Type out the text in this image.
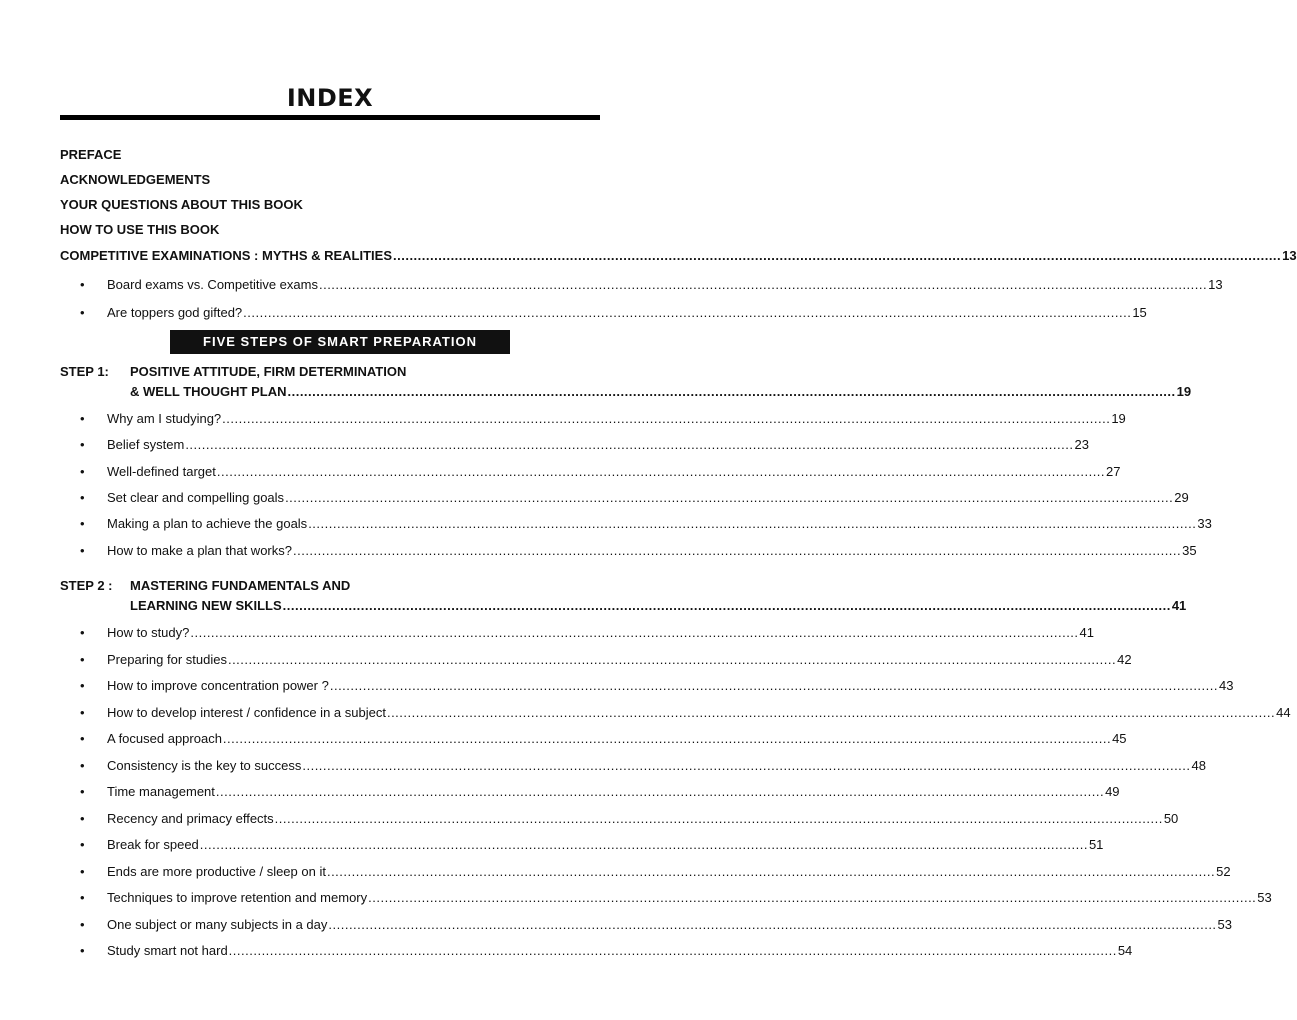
INDEX
PREFACE
ACKNOWLEDGEMENTS
YOUR QUESTIONS ABOUT THIS BOOK
HOW TO USE THIS BOOK
COMPETITIVE EXAMINATIONS : MYTHS & REALITIES .....	13
•	Board exams vs. Competitive exams .....	13
•	Are toppers god gifted? .....	15
FIVE STEPS OF SMART PREPARATION
STEP 1: POSITIVE ATTITUDE, FIRM DETERMINATION
& WELL THOUGHT PLAN .....	19
•	Why am I studying? .....	19
•	Belief system .....	23
•	Well-defined target .....	27
•	Set clear and compelling goals .....	29
•	Making a plan to achieve the goals .....	33
•	How to make a plan that works? .....	35
STEP 2 : MASTERING FUNDAMENTALS AND
LEARNING NEW SKILLS .....	41
•	How to study? .....	41
•	Preparing for studies .....	42
•	How to improve concentration power ? .....	43
•	How to develop interest / confidence in a subject .....	44
•	A focused approach .....	45
•	Consistency is the key to success .....	48
•	Time management .....	49
•	Recency and primacy effects .....	50
•	Break for speed .....	51
•	Ends are more productive / sleep on it .....	52
•	Techniques to improve retention and memory .....	53
•	One subject or many subjects in a day .....	53
•	Study smart not hard .....	54
